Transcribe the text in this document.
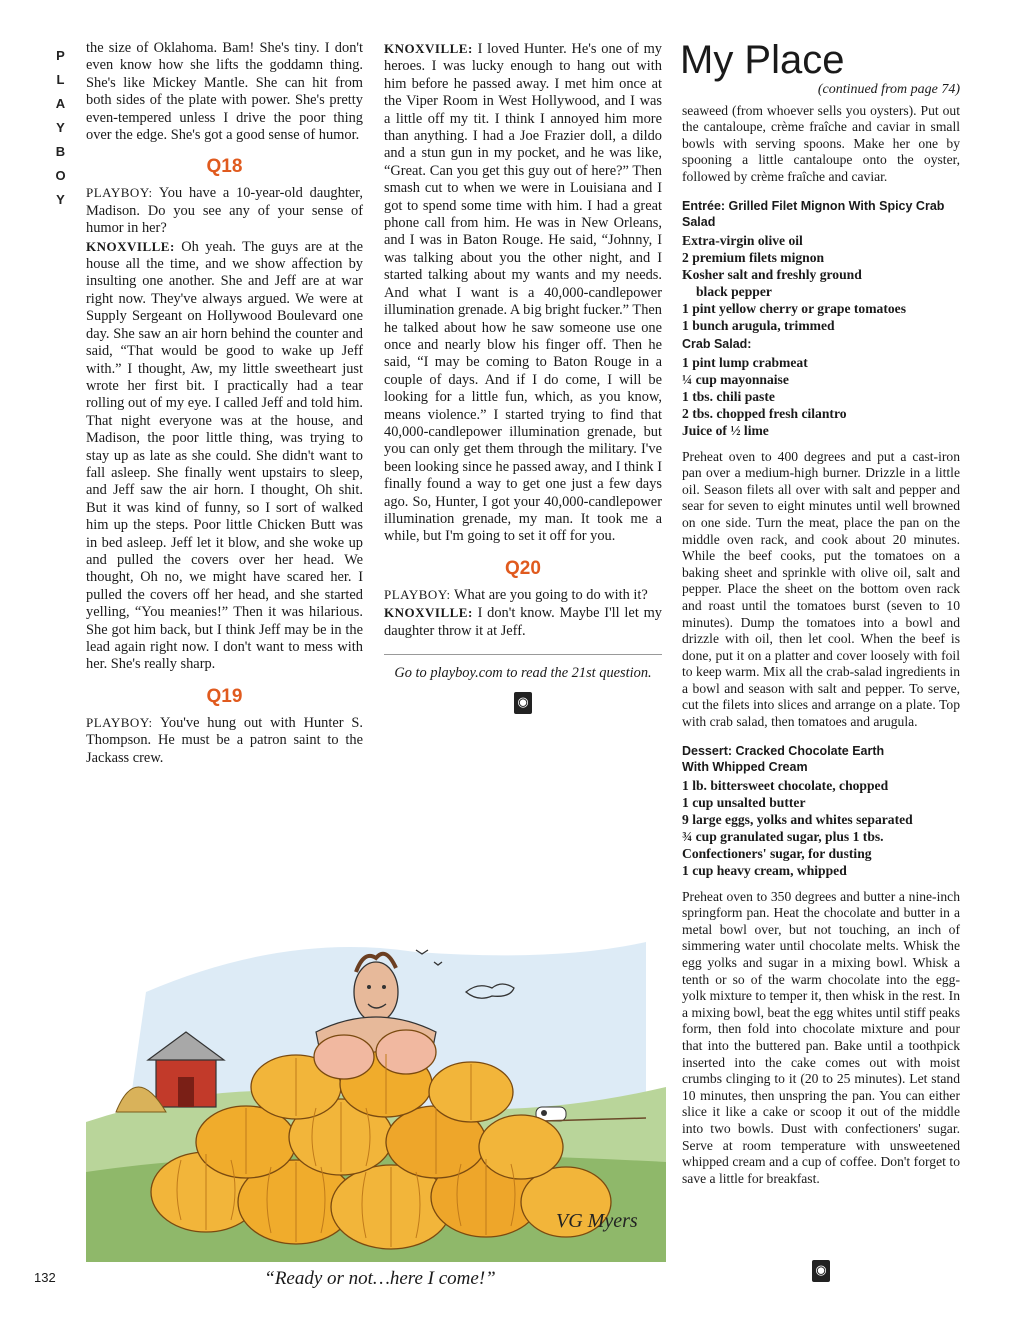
P
L
A
Y
B
O
Y

the size of Oklahoma. Bam! She's tiny. I don't even know how she lifts the goddamn thing. She's like Mickey Mantle. She can hit from both sides of the plate with power. She's pretty even-tempered unless I drive the poor thing over the edge. She's got a good sense of humor.

Q18

PLAYBOY: You have a 10-year-old daughter, Madison. Do you see any of your sense of humor in her?

KNOXVILLE: Oh yeah. The guys are at the house all the time, and we show affection by insulting one another. She and Jeff are at war right now. They've always argued. We were at Supply Sergeant on Hollywood Boulevard one day. She saw an air horn behind the counter and said, “That would be good to wake up Jeff with.” I thought, Aw, my little sweetheart just wrote her first bit. I practically had a tear rolling out of my eye. I called Jeff and told him. That night everyone was at the house, and Madison, the poor little thing, was trying to stay up as late as she could. She didn't want to fall asleep. She finally went upstairs to sleep, and Jeff saw the air horn. I thought, Oh shit. But it was kind of funny, so I sort of walked him up the steps. Poor little Chicken Butt was in bed asleep. Jeff let it blow, and she woke up and pulled the covers over her head. We thought, Oh no, we might have scared her. I pulled the covers off her head, and she started yelling, “You meanies!” Then it was hilarious. She got him back, but I think Jeff may be in the lead again right now. I don't want to mess with her. She's really sharp.

Q19

PLAYBOY: You've hung out with Hunter S. Thompson. He must be a patron saint to the Jackass crew.

KNOXVILLE: I loved Hunter. He's one of my heroes. I was lucky enough to hang out with him before he passed away. I met him once at the Viper Room in West Hollywood, and I was a little off my tit. I think I annoyed him more than anything. I had a Joe Frazier doll, a dildo and a stun gun in my pocket, and he was like, “Great. Can you get this guy out of here?” Then smash cut to when we were in Louisiana and I got to spend some time with him. I had a great phone call from him. He was in New Orleans, and I was in Baton Rouge. He said, “Johnny, I was talking about you the other night, and I started talking about my wants and my needs. And what I want is a 40,000-candlepower illumination grenade. A big bright fucker.” Then he talked about how he saw someone use one once and nearly blow his finger off. Then he said, “I may be coming to Baton Rouge in a couple of days. And if I do come, I will be looking for a little fun, which, as you know, means violence.” I started trying to find that 40,000-candlepower illumination grenade, but you can only get them through the military. I've been looking since he passed away, and I think I finally found a way to get one just a few days ago. So, Hunter, I got your 40,000-candlepower illumination grenade, my man. It took me a while, but I'm going to set it off for you.

Q20

PLAYBOY: What are you going to do with it?

KNOXVILLE: I don't know. Maybe I'll let my daughter throw it at Jeff.

Go to playboy.com to read the 21st question.

◉
My Place
(continued from page 74)

seaweed (from whoever sells you oysters). Put out the cantaloupe, crème fraîche and caviar in small bowls with serving spoons. Make her one by spooning a little cantaloupe onto the oyster, followed by crème fraîche and caviar.

Entrée: Grilled Filet Mignon With Spicy Crab Salad
Extra-virgin olive oil
2 premium filets mignon
Kosher salt and freshly ground
black pepper
1 pint yellow cherry or grape tomatoes
1 bunch arugula, trimmed
Crab Salad:
1 pint lump crabmeat
¼ cup mayonnaise
1 tbs. chili paste
2 tbs. chopped fresh cilantro
Juice of ½ lime

Preheat oven to 400 degrees and put a cast-iron pan over a medium-high burner. Drizzle in a little oil. Season filets all over with salt and pepper and sear for seven to eight minutes until well browned on one side. Turn the meat, place the pan on the middle oven rack, and cook about 20 minutes. While the beef cooks, put the tomatoes on a baking sheet and sprinkle with olive oil, salt and pepper. Place the sheet on the bottom oven rack and roast until the tomatoes burst (seven to 10 minutes). Dump the tomatoes into a bowl and drizzle with oil, then let cool. When the beef is done, put it on a platter and cover loosely with foil to keep warm. Mix all the crab-salad ingredients in a bowl and season with salt and pepper. To serve, cut the filets into slices and arrange on a plate. Top with crab salad, then tomatoes and arugula.

Dessert: Cracked Chocolate Earth
With Whipped Cream
1 lb. bittersweet chocolate, chopped
1 cup unsalted butter
9 large eggs, yolks and whites separated
¾ cup granulated sugar, plus 1 tbs.
Confectioners' sugar, for dusting
1 cup heavy cream, whipped

Preheat oven to 350 degrees and butter a nine-inch springform pan. Heat the chocolate and butter in a metal bowl over, but not touching, an inch of simmering water until chocolate melts. Whisk the egg yolks and sugar in a mixing bowl. Whisk a tenth or so of the warm chocolate into the egg-yolk mixture to temper it, then whisk in the rest. In a mixing bowl, beat the egg whites until stiff peaks form, then fold into chocolate mixture and pour that into the buttered pan. Bake until a toothpick inserted into the cake comes out with moist crumbs clinging to it (20 to 25 minutes). Let stand 10 minutes, then unspring the pan. You can either slice it like a cake or scoop it out of the middle into two bowls. Dust with confectioners' sugar. Serve at room temperature with unsweetened whipped cream and a cup of coffee. Don't forget to save a little for breakfast.

VG Myers
“Ready or not…here I come!”
132	◉
